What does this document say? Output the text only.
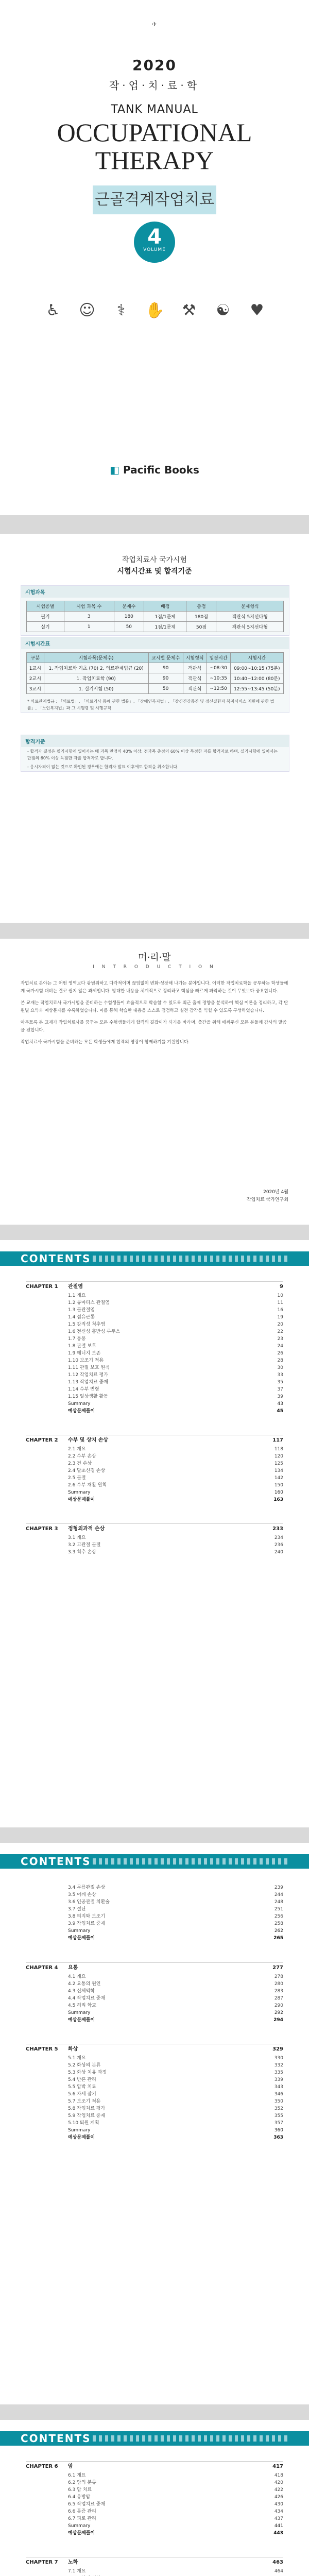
✈
2020
작·업·치·료·학
TANK MANUAL
OCCUPATIONAL
THERAPY
근골격계작업치료
4
VOLUME
♿	☺	⚕	✋	⚒	☯	♥
◧ Pacific Books
작업치료사 국가시험
시험시간표 및 합격기준
시험과목
시험종별	시험 과목 수	문제수	배점	총점	문제형식
필기	3	180	1점/1문제	180점	객관식 5지선다형
실기	1	50	1점/1문제	50점	객관식 5지선다형
시험시간표
구분	시험과목(문제수)	교시별 문제수	시험형식	입장시간	시험시간
1교시	1. 작업치료학 기초 (70) 2. 의료관계법규 (20)	90	객관식	~08:30	09:00~10:15 (75분)
2교시	1. 작업치료학 (90)	90	객관식	~10:35	10:40~12:00 (80분)
3교시	1. 실기시험 (50)	50	객관식	~12:50	12:55~13:45 (50분)
* 의료관계법규 : 「의료법」, 「의료기사 등에 관한 법률」, 「장애인복지법」, 「장신건강증진 및 정신질환자 복지서비스 지원에 관한 법률」, 「노인복지법」과 그 시행령 및 시행규칙
합격기준
- 합격자 결정은 필기시험에 있어서는 매 과목 만점의 40% 이상, 전과목 총점의 60% 이상 득점한 자를 합격자로 하며, 실기시험에 있어서는 만점의 60% 이상 득점한 자를 합격자로 합니다.
- 응시자격이 없는 것으로 확인된 경우에는 합격자 발표 이후에도 합격을 취소합니다.
머·리·말
I N T R O D U C T I O N

작업치료 분야는 그 어떤 영역보다 광범위하고 다각적이며 끊임없이 변화·성장해 나가는 분야입니다. 이러한 작업치료학을 공부하는 학생들에게 국가시험 대비는 결코 쉽지 않은 과제입니다. 방대한 내용을 체계적으로 정리하고 핵심을 빠르게 파악하는 것이 무엇보다 중요합니다.

본 교재는 작업치료사 국가시험을 준비하는 수험생들이 효율적으로 학습할 수 있도록 최근 출제 경향을 분석하여 핵심 이론을 정리하고, 각 단원별 요약과 예상문제를 수록하였습니다. 이를 통해 학습한 내용을 스스로 점검하고 실전 감각을 익힐 수 있도록 구성하였습니다.

아무쪼록 본 교재가 작업치료사를 꿈꾸는 모든 수험생들에게 합격의 길잡이가 되기를 바라며, 출간을 위해 애써주신 모든 분들께 감사의 말씀을 전합니다.

작업치료사 국가시험을 준비하는 모든 학생들에게 합격의 영광이 함께하기를 기원합니다.

2020년 4월
작업치료 국가연구회
CONTENTS
CHAPTER 1 관절염	9
1.1 개요	10
1.2 류마티스 관절염	11
1.3 골관절염	16
1.4 섬유근통	19
1.5 강직성 척추염	20
1.6 전신성 홍반성 루푸스	22
1.7 통풍	23
1.8 관절 보호	24
1.9 에너지 보존	26
1.10 보조기 적용	28
1.11 관절 보호 원칙	30
1.12 작업치료 평가	33
1.13 작업치료 중재	35
1.14 수부 변형	37
1.15 일상생활 활동	39
Summary	43
예상문제풀이	45
CHAPTER 2 수부 및 상지 손상	117
2.1 개요	118
2.2 수부 손상	120
2.3 건 손상	125
2.4 말초신경 손상	134
2.5 골절	142
2.6 수부 재활 원칙	150
Summary	160
예상문제풀이	163
CHAPTER 3 정형외과적 손상	233
3.1 개요	234
3.2 고관절 골절	236
3.3 척추 손상	240
CONTENTS
3.4 무릎관절 손상	239
3.5 어깨 손상	244
3.6 인공관절 치환술	248
3.7 절단	251
3.8 의지와 보조기	256
3.9 작업치료 중재	258
Summary	262
예상문제풀이	265
CHAPTER 4 요통	277
4.1 개요	278
4.2 요통의 원인	280
4.3 신체역학	283
4.4 작업치료 중재	287
4.5 허리 학교	290
Summary	292
예상문제풀이	294
CHAPTER 5 화상	329
5.1 개요	330
5.2 화상의 분류	332
5.3 화상 치유 과정	335
5.4 반흔 관리	339
5.5 압박 치료	343
5.6 자세 잡기	346
5.7 보조기 적용	350
5.8 작업치료 평가	352
5.9 작업치료 중재	355
5.10 퇴원 계획	357
Summary	360
예상문제풀이	363
CONTENTS
CHAPTER 6 암	417
6.1 개요	418
6.2 암의 분류	420
6.3 암 치료	422
6.4 유방암	426
6.5 작업치료 중재	430
6.6 통증 관리	434
6.7 피로 관리	437
Summary	441
예상문제풀이	443
CHAPTER 7 노화	463
7.1 개요	464
